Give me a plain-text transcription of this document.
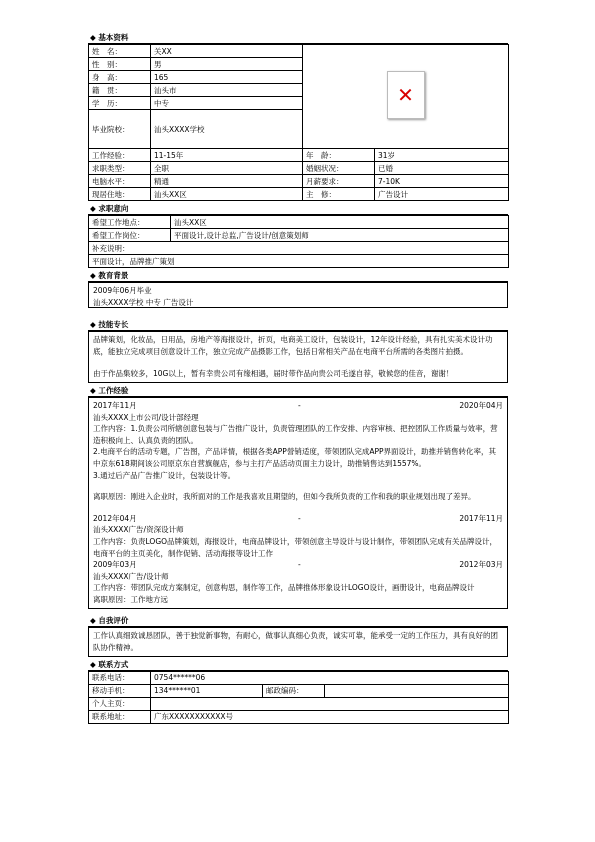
◆ 基本资料
姓　名：	关XX	✕	

性　别：	男		
身　高：	165		
籍　贯：	汕头市		
学　历：	中专		
毕业院校：	汕头XXXX学校		
工作经验：	11-15年	年　龄：	31岁
求职类型：	全职	婚姻状况：	已婚
电脑水平：	精通	月薪要求：	7-10K
现居住地：	汕头XX区	主　修：	广告设计
◆ 求职意向
希望工作地点：	汕头XX区
希望工作岗位：	平面设计,设计总监,广告设计/创意策划师
补充说明：	
平面设计，品牌推广策划	
◆ 教育背景
2009年06月毕业
汕头XXXX学校 中专 广告设计
◆ 技能专长
品牌策划，化妆品，日用品，房地产等海报设计，折页，电商美工设计，包装设计，12年设计经验，具有扎实美术设计功底，能独立完成项目创意设计工作，独立完成产品摄影工作，包括日常相关产品在电商平台所需的各类图片拍摄。
由于作品集较多，10G以上，暂有幸贵公司有缘相遇，届时带作品向贵公司毛遂自荐，敬候您的佳音，谢谢！
◆ 工作经验
2017年11月	-	2020年04月
汕头XXXX上市公司/设计部经理
工作内容：1.负责公司所辖创意包装与广告推广设计，负责管理团队的工作安排、内容审核、把控团队工作质量与效率，营造积极向上、认真负责的团队。
2.电商平台的活动专题，广告图，产品详情，根据各类APP營销适度，带领团队完成APP界面设计，助推并销售转化率，其中京东618期间该公司原京东自营旗舰店，参与主打产品活动页面主力设计，助推销售达到1557%。
3.通过后产品广告推广设计，包装设计等。
离职原因：刚进入企业时，我所面对的工作是我喜欢且期望的，但如今我所负责的工作和我的职业规划出现了差异。
2012年04月	-	2017年11月
汕头XXXX广告/资深设计师
工作内容：负责LOGO品牌策划，海报设计，电商品牌设计，带领创意主导设计与设计制作，带领团队完成有关品牌设计，电商平台的主页美化，制作促销、活动海报等设计工作
2009年03月	-	2012年03月
汕头XXXX广告/设计师
工作内容：带团队完成方案制定，创意构思，制作等工作，品牌推体形象设计LOGO设计，画册设计，电商品牌设计
离职原因：工作地方远
◆ 自我评价
工作认真细致诚恳团队，善于独觉新事物，有耐心，做事认真细心负责，诚实可靠，能承受一定的工作压力，具有良好的团队协作精神。
◆ 联系方式
联系电话：	0754******06		
移动手机：	134******01	邮政编码：	
个人主页：			
联系地址：	广东XXXXXXXXXXX号		
